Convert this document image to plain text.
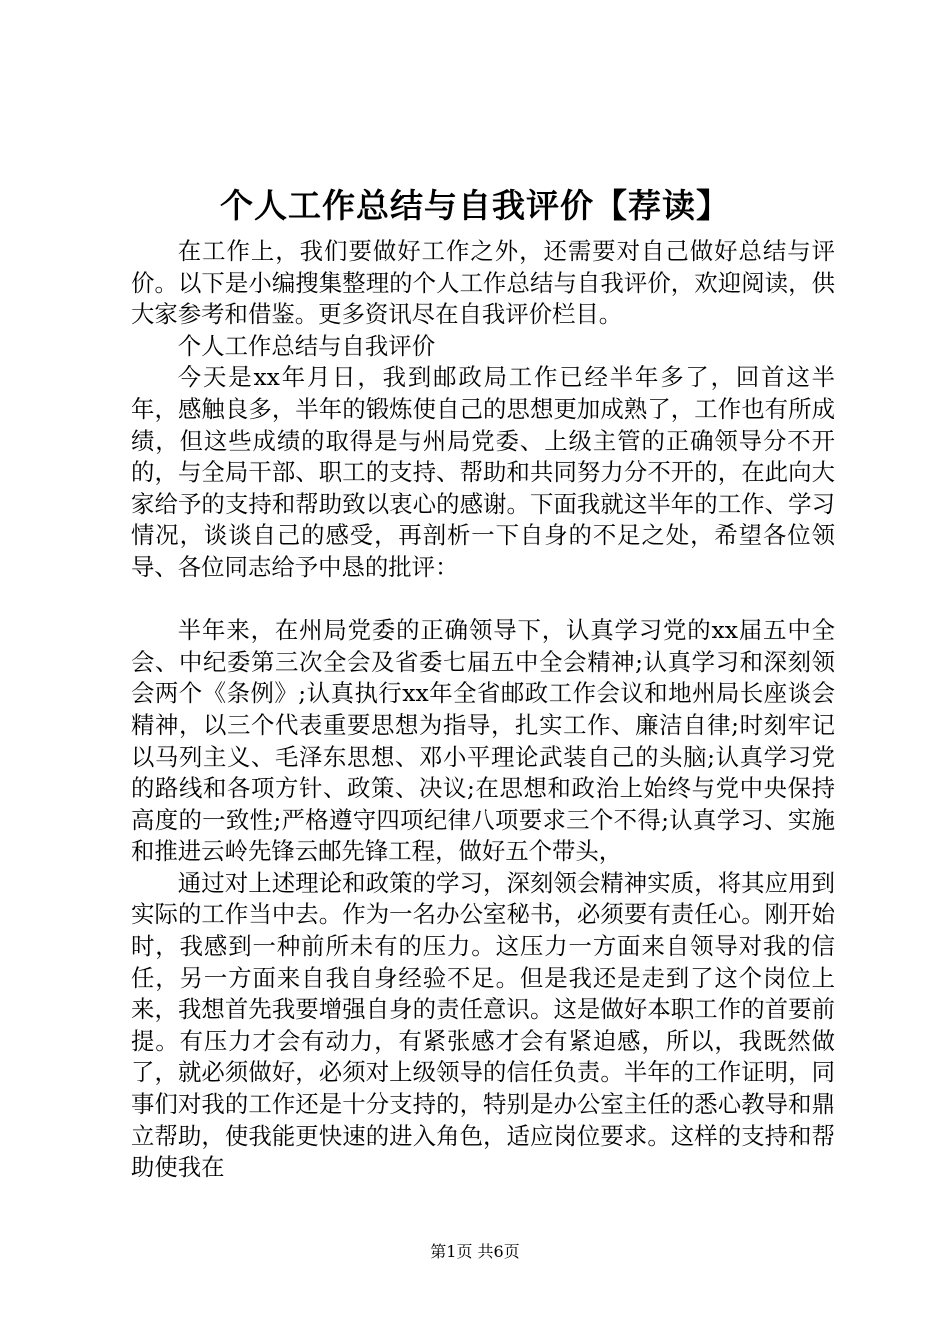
个人工作总结与自我评价【荐读】

在工作上，我们要做好工作之外，还需要对自己做好总结与评价。以下是小编搜集整理的个人工作总结与自我评价，欢迎阅读，供大家参考和借鉴。更多资讯尽在自我评价栏目。

个人工作总结与自我评价

今天是xx年月日，我到邮政局工作已经半年多了，回首这半年，感触良多，半年的锻炼使自己的思想更加成熟了，工作也有所成绩，但这些成绩的取得是与州局党委、上级主管的正确领导分不开的，与全局干部、职工的支持、帮助和共同努力分不开的，在此向大家给予的支持和帮助致以衷心的感谢。下面我就这半年的工作、学习情况，谈谈自己的感受，再剖析一下自身的不足之处，希望各位领导、各位同志给予中恳的批评：

半年来，在州局党委的正确领导下，认真学习党的xx届五中全会、中纪委第三次全会及省委七届五中全会精神;认真学习和深刻领会两个《条例》;认真执行xx年全省邮政工作会议和地州局长座谈会精神，以三个代表重要思想为指导，扎实工作、廉洁自律;时刻牢记以马列主义、毛泽东思想、邓小平理论武装自己的头脑;认真学习党的路线和各项方针、政策、决议;在思想和政治上始终与党中央保持高度的一致性;严格遵守四项纪律八项要求三个不得;认真学习、实施和推进云岭先锋云邮先锋工程，做好五个带头，

通过对上述理论和政策的学习，深刻领会精神实质，将其应用到实际的工作当中去。作为一名办公室秘书，必须要有责任心。刚开始时，我感到一种前所未有的压力。这压力一方面来自领导对我的信任，另一方面来自我自身经验不足。但是我还是走到了这个岗位上来，我想首先我要增强自身的责任意识。这是做好本职工作的首要前提。有压力才会有动力，有紧张感才会有紧迫感，所以，我既然做了，就必须做好，必须对上级领导的信任负责。半年的工作证明，同事们对我的工作还是十分支持的，特别是办公室主任的悉心教导和鼎立帮助，使我能更快速的进入角色，适应岗位要求。这样的支持和帮助使我在

第1页 共6页
